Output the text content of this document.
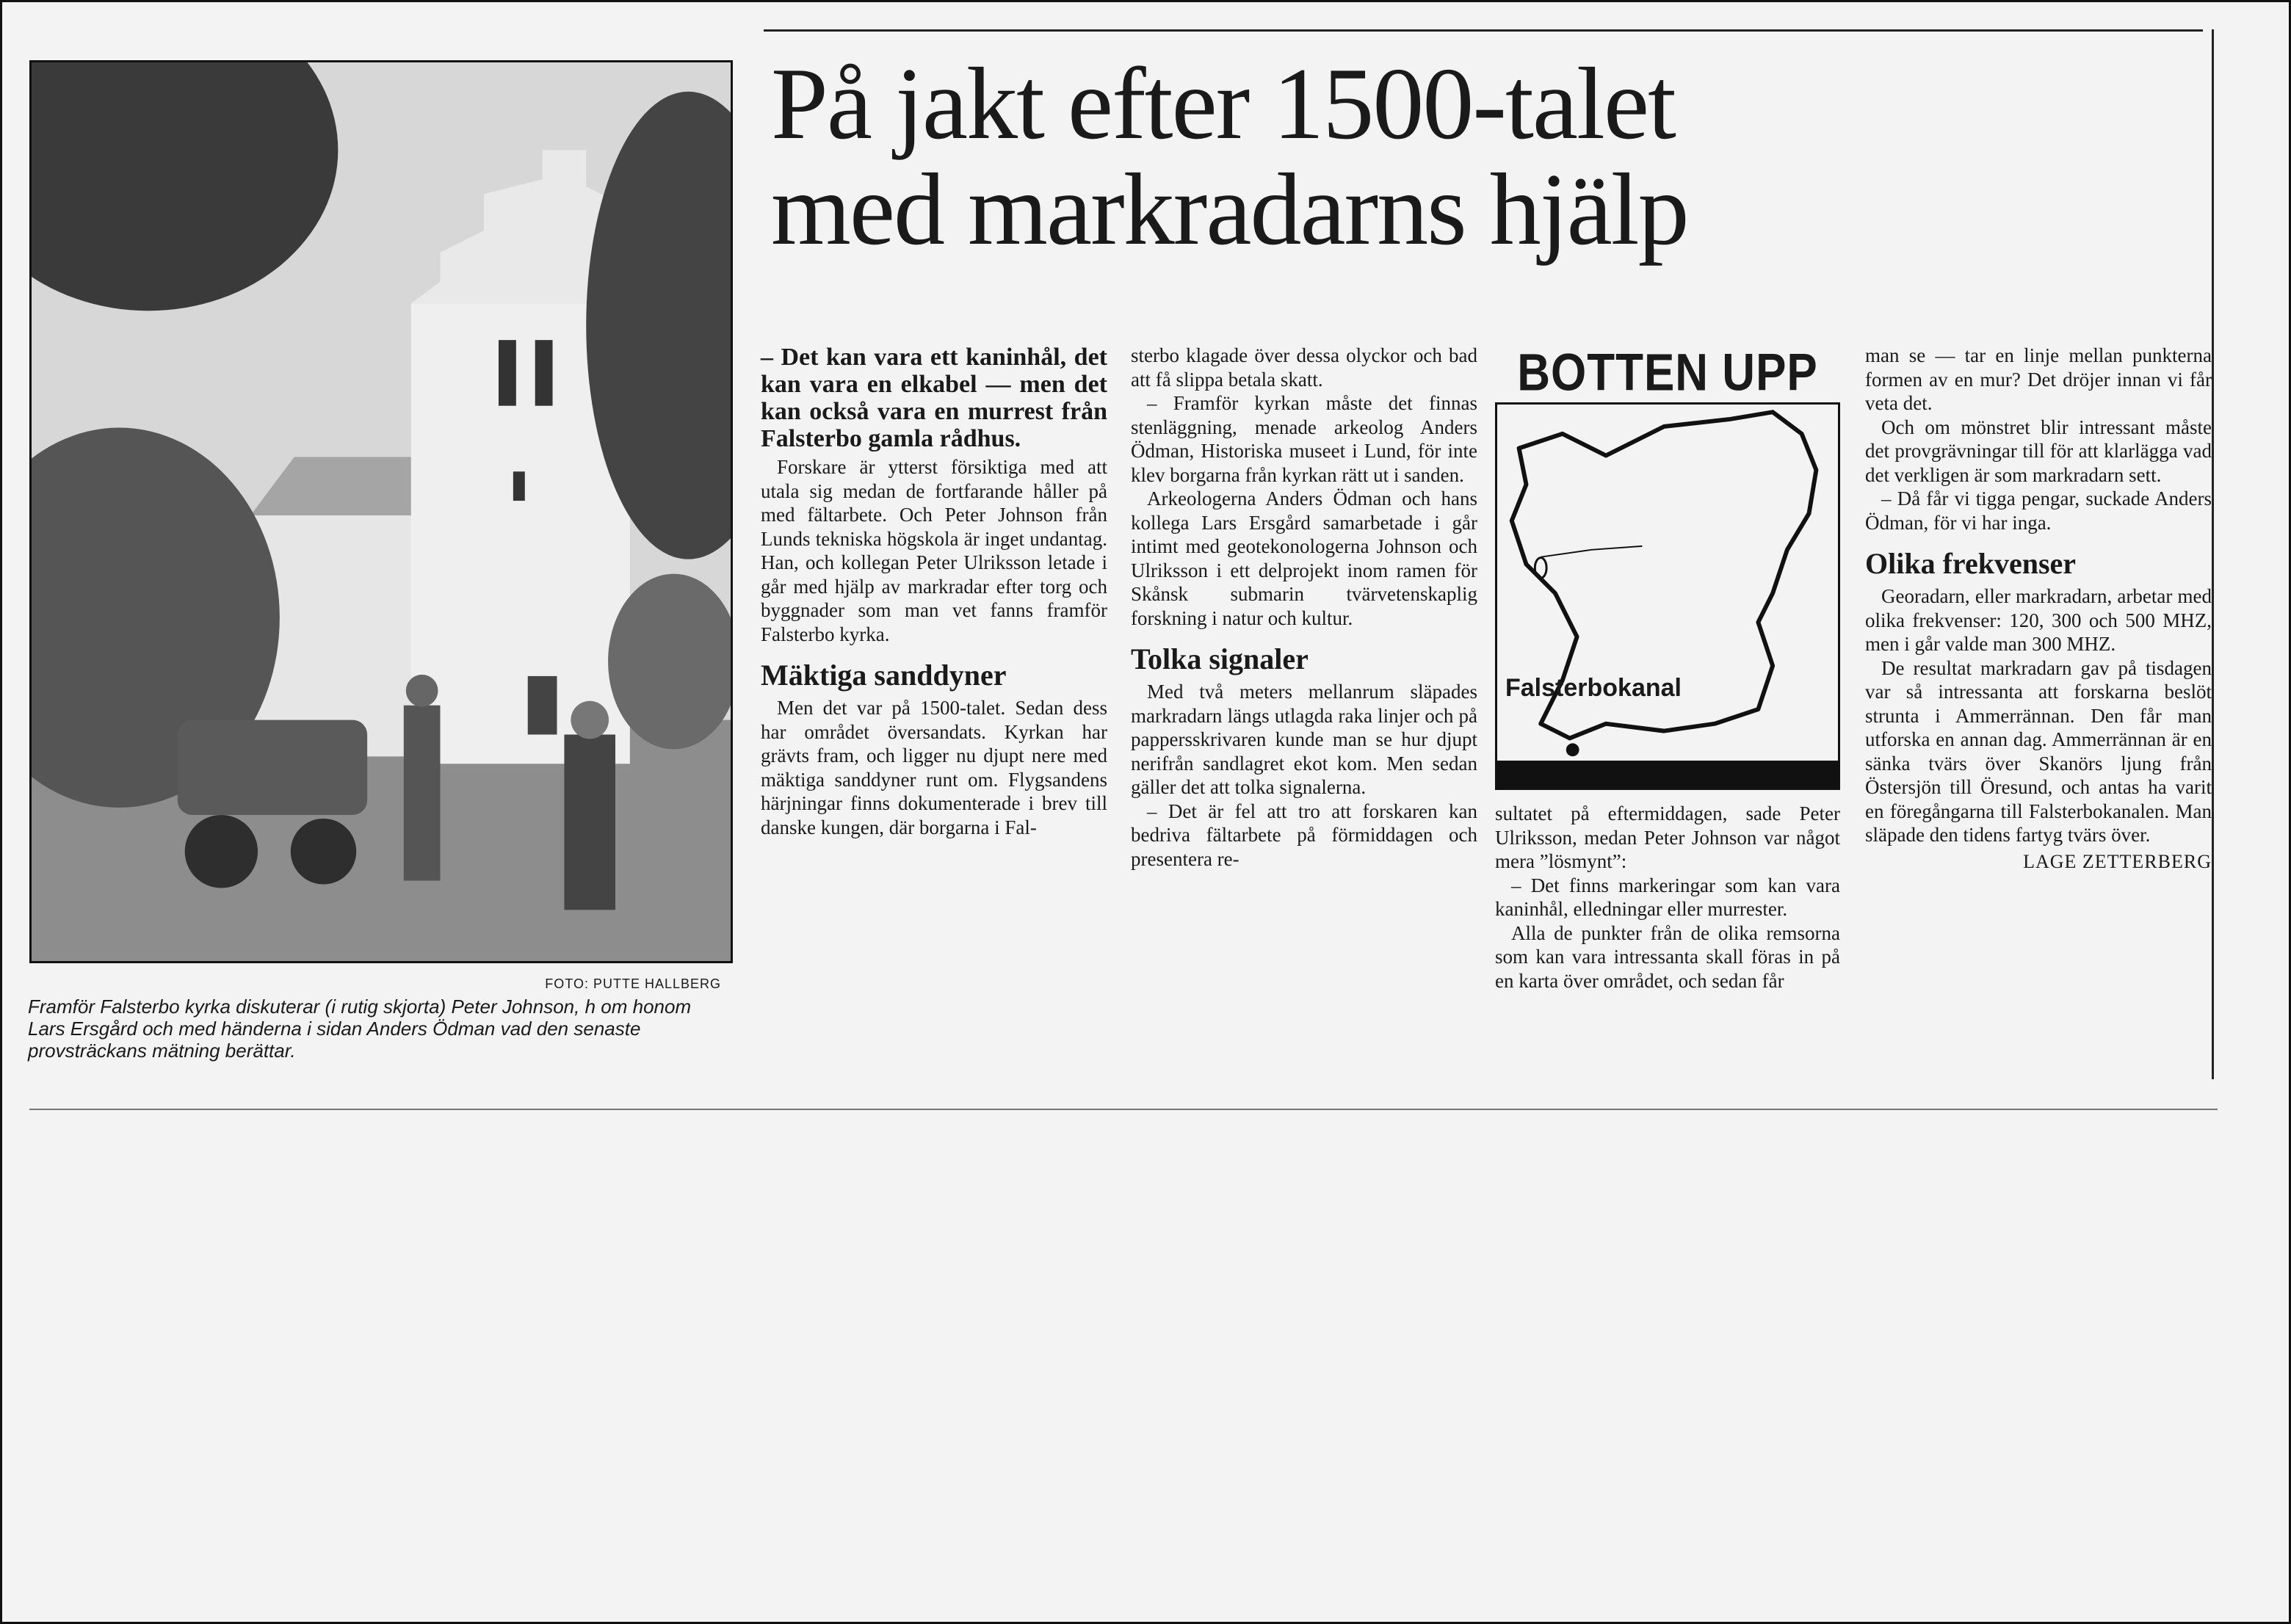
FOTO: PUTTE HALLBERG
Framför Falsterbo kyrka diskuterar (i rutig skjorta) Peter Johnson, h om honom Lars Ersgård och med händerna i sidan Anders Ödman vad den senaste provsträckans mätning berättar.
På jakt efter 1500-talet
med markradarns hjälp
– Det kan vara ett kaninhål, det kan vara en elkabel — men det kan också vara en murrest från Falsterbo gamla rådhus.

Forskare är ytterst försiktiga med att utala sig medan de fortfarande håller på med fältarbete. Och Peter Johnson från Lunds tekniska högskola är inget undantag. Han, och kollegan Peter Ulriksson letade i går med hjälp av markradar efter torg och byggnader som man vet fanns framför Falsterbo kyrka.

Mäktiga sanddyner

Men det var på 1500-talet. Sedan dess har området översandats. Kyrkan har grävts fram, och ligger nu djupt nere med mäktiga sanddyner runt om. Flygsandens härjningar finns dokumenterade i brev till danske kungen, där borgarna i Fal-

sterbo klagade över dessa olyckor och bad att få slippa betala skatt.

– Framför kyrkan måste det finnas stenläggning, menade arkeolog Anders Ödman, Historiska museet i Lund, för inte klev borgarna från kyrkan rätt ut i sanden.

Arkeologerna Anders Ödman och hans kollega Lars Ersgård samarbetade i går intimt med geotekonologerna Johnson och Ulriksson i ett delprojekt inom ramen för Skånsk submarin tvärvetenskaplig forskning i natur och kultur.

Tolka signaler

Med två meters mellanrum släpades markradarn längs utlagda raka linjer och på pappersskrivaren kunde man se hur djupt nerifrån sandlagret ekot kom. Men sedan gäller det att tolka signalerna.

– Det är fel att tro att forskaren kan bedriva fältarbete på förmiddagen och presentera re-

BOTTEN UPP
Falsterbokanal

sultatet på eftermiddagen, sade Peter Ulriksson, medan Peter Johnson var något mera ”lösmynt”:

– Det finns markeringar som kan vara kaninhål, elledningar eller murrester.

Alla de punkter från de olika remsorna som kan vara intressanta skall föras in på en karta över området, och sedan får

man se — tar en linje mellan punkterna formen av en mur? Det dröjer innan vi får veta det.

Och om mönstret blir intressant måste det provgrävningar till för att klarlägga vad det verkligen är som markradarn sett.

– Då får vi tigga pengar, suckade Anders Ödman, för vi har inga.

Olika frekvenser

Georadarn, eller markradarn, arbetar med olika frekvenser: 120, 300 och 500 MHZ, men i går valde man 300 MHZ.

De resultat markradarn gav på tisdagen var så intressanta att forskarna beslöt strunta i Ammerrännan. Den får man utforska en annan dag. Ammerrännan är en sänka tvärs över Skanörs ljung från Östersjön till Öresund, och antas ha varit en föregångarna till Falsterbokanalen. Man släpade den tidens fartyg tvärs över.

LAGE ZETTERBERG
